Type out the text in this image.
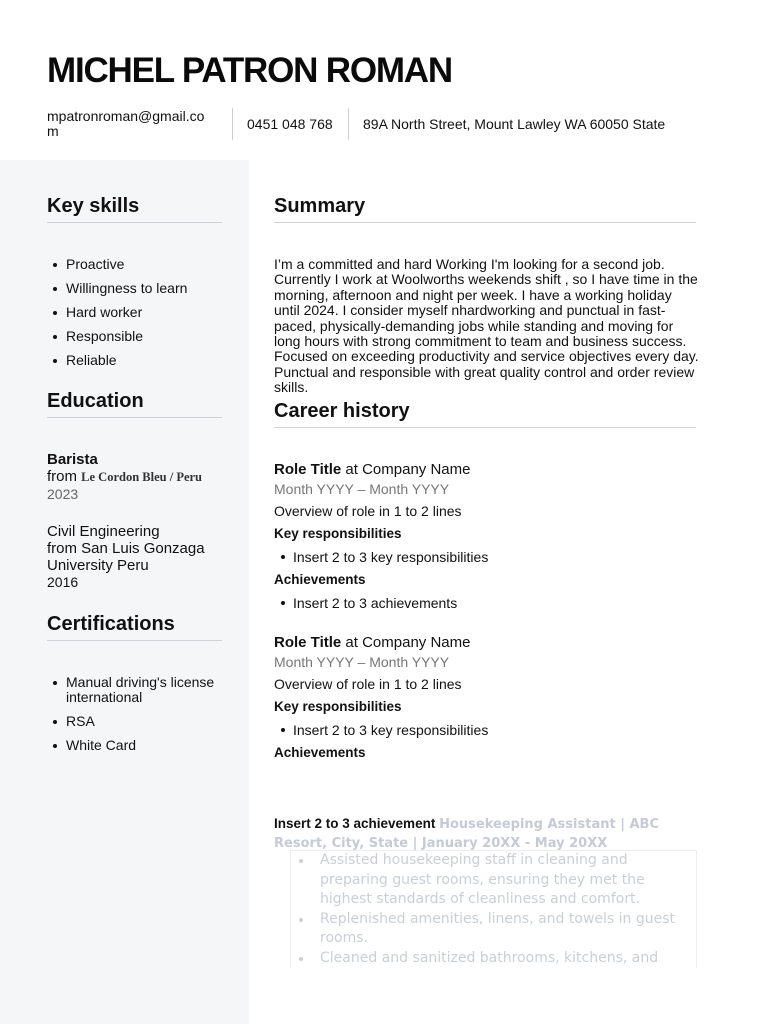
MICHEL PATRON ROMAN
mpatronroman@gmail.com	0451 048 768 89A North Street, Mount Lawley WA 60050 State
Key skills
Proactive
Willingness to learn
Hard worker
Responsible
Reliable
Education
Barista
from Le Cordon Bleu / Peru
2023
Civil Engineering
from San Luis Gonzaga University Peru
2016
Certifications
Manual driving's license international
RSA
White Card
Summary
I’m a committed and hard Working I'm looking for a second job. Currently I work at Woolworths weekends shift , so I have time in the morning, afternoon and night per week. I have a working holiday until 2024. I consider myself nhardworking and punctual in fast-paced, physically-demanding jobs while standing and moving for long hours with strong commitment to team and business success. Focused on exceeding productivity and service objectives every day. Punctual and responsible with great quality control and order review skills.
Career history
Role Title at Company Name
Month YYYY – Month YYYY
Overview of role in 1 to 2 lines
Key responsibilities
Insert 2 to 3 key responsibilities
Achievements
Insert 2 to 3 achievements
Role Title at Company Name
Month YYYY – Month YYYY
Overview of role in 1 to 2 lines
Key responsibilities
Insert 2 to 3 key responsibilities
Achievements
Insert 2 to 3 achievement Housekeeping Assistant | ABC Resort, City, State | January 20XX - May 20XX
Assisted housekeeping staff in cleaning and preparing guest rooms, ensuring they met the highest standards of cleanliness and comfort.
Replenished amenities, linens, and towels in guest rooms.
Cleaned and sanitized bathrooms, kitchens, and
